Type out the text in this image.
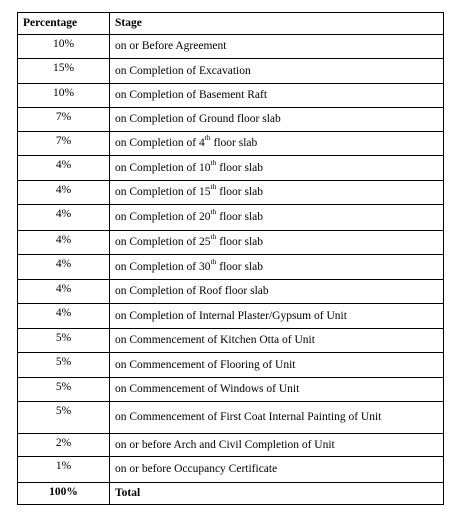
Percentage	Stage
10%	on or Before Agreement
15%	on Completion of Excavation
10%	on Completion of Basement Raft
7%	on Completion of Ground floor slab
7%	on Completion of 4th floor slab
4%	on Completion of 10th floor slab
4%	on Completion of 15th floor slab
4%	on Completion of 20th floor slab
4%	on Completion of 25th floor slab
4%	on Completion of 30th floor slab
4%	on Completion of Roof floor slab
4%	on Completion of Internal Plaster/Gypsum of Unit
5%	on Commencement of Kitchen Otta of Unit
5%	on Commencement of Flooring of Unit
5%	on Commencement of Windows of Unit
5%	on Commencement of First Coat Internal Painting of Unit
2%	on or before Arch and Civil Completion of Unit
1%	on or before Occupancy Certificate
100%	Total
